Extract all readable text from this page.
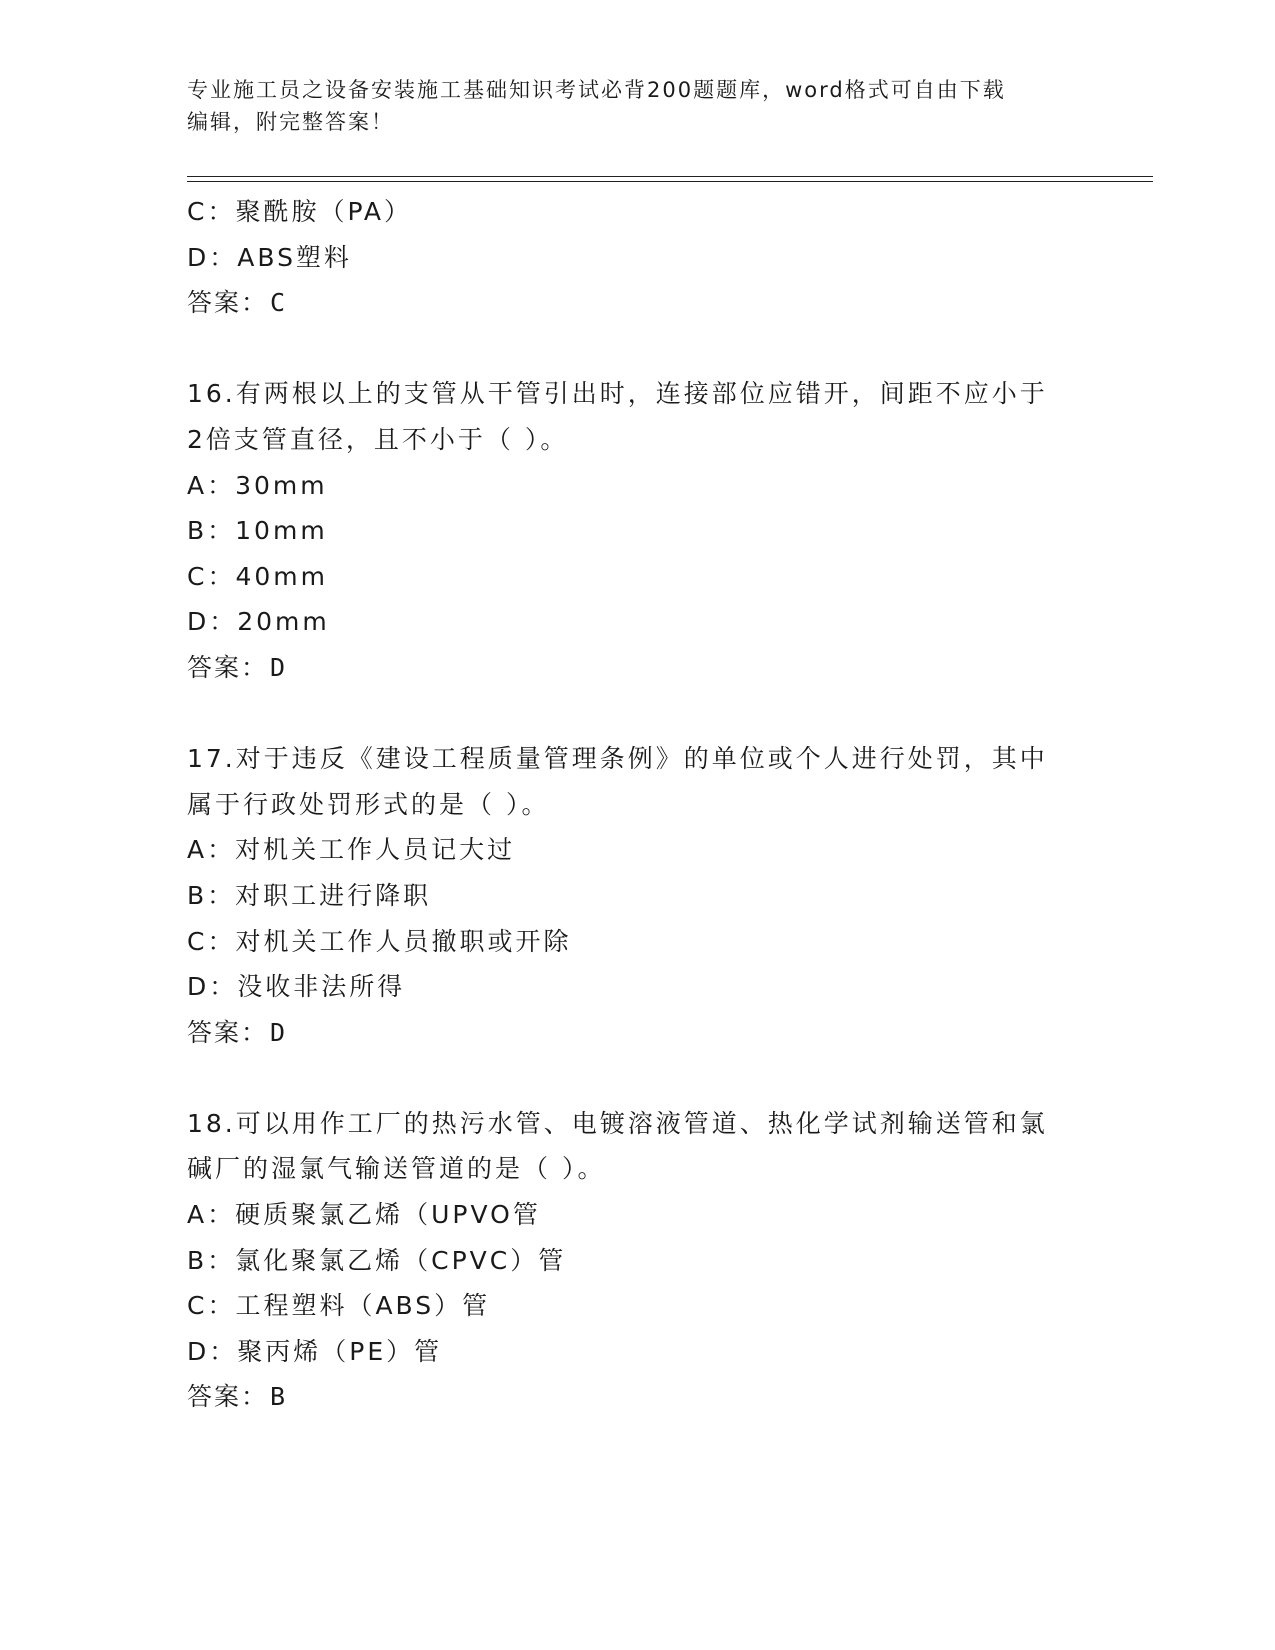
专业施工员之设备安装施工基础知识考试必背200题题库，word格式可自由下载
编辑，附完整答案！
C：聚酰胺（PA）
D：ABS塑料
答案：C
16.有两根以上的支管从干管引出时，连接部位应错开，间距不应小于
2倍支管直径，且不小于（ ）。
A：30mm
B：10mm
C：40mm
D：20mm
答案：D
17.对于违反《建设工程质量管理条例》的单位或个人进行处罚，其中
属于行政处罚形式的是（ ）。
A：对机关工作人员记大过
B：对职工进行降职
C：对机关工作人员撤职或开除
D：没收非法所得
答案：D
18.可以用作工厂的热污水管、电镀溶液管道、热化学试剂输送管和氯
碱厂的湿氯气输送管道的是（ ）。
A：硬质聚氯乙烯（UPVO管
B：氯化聚氯乙烯（CPVC）管
C：工程塑料（ABS）管
D：聚丙烯（PE）管
答案：B
